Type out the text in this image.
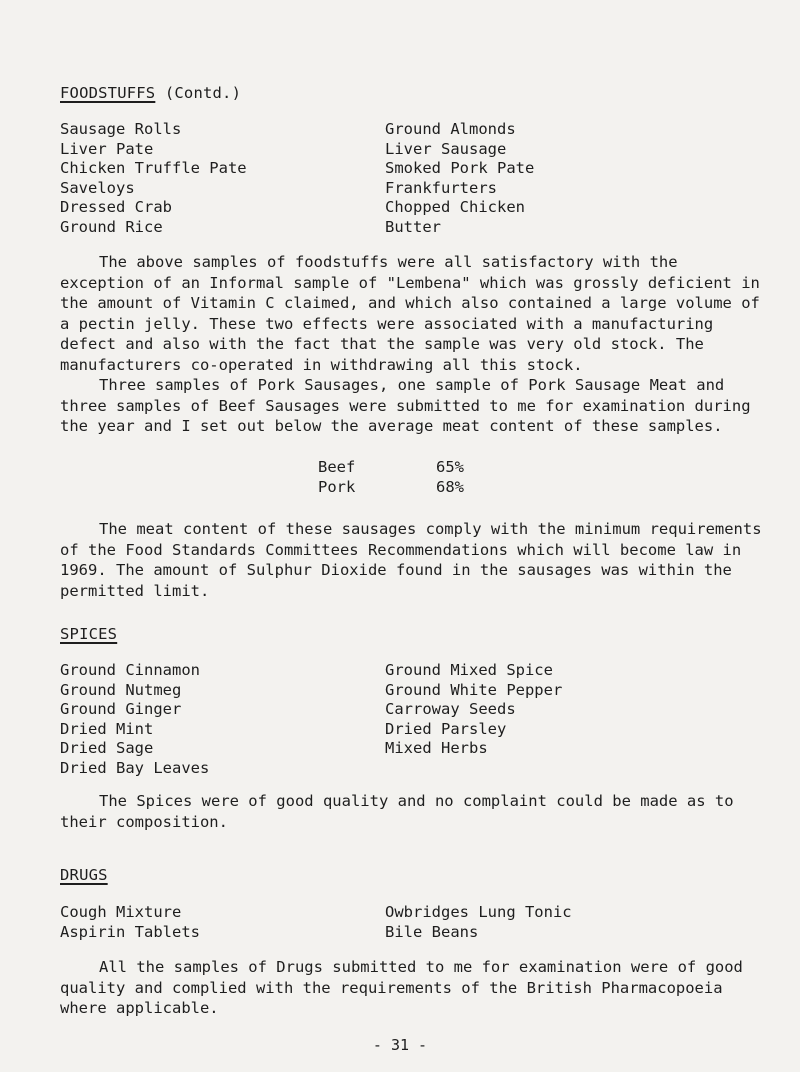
FOODSTUFFS (Contd.)
Sausage Rolls
Liver Pate
Chicken Truffle Pate
Saveloys
Dressed Crab
Ground Rice
Ground Almonds
Liver Sausage
Smoked Pork Pate
Frankfurters
Chopped Chicken
Butter

The above samples of foodstuffs were all satisfactory with the
exception of an Informal sample of "Lembena" which was grossly deficient in
the amount of Vitamin C claimed, and which also contained a large volume of
a pectin jelly. These two effects were associated with a manufacturing
defect and also with the fact that the sample was very old stock. The
manufacturers co-operated in withdrawing all this stock.

Three samples of Pork Sausages, one sample of Pork Sausage Meat and
three samples of Beef Sausages were submitted to me for examination during
the year and I set out below the average meat content of these samples.

Beef	65%
Pork	68%

The meat content of these sausages comply with the minimum requirements
of the Food Standards Committees Recommendations which will become law in
1969. The amount of Sulphur Dioxide found in the sausages was within the
permitted limit.

SPICES
Ground Cinnamon
Ground Nutmeg
Ground Ginger
Dried Mint
Dried Sage
Dried Bay Leaves
Ground Mixed Spice
Ground White Pepper
Carroway Seeds
Dried Parsley
Mixed Herbs

The Spices were of good quality and no complaint could be made as to
their composition.

DRUGS
Cough Mixture
Aspirin Tablets
Owbridges Lung Tonic
Bile Beans

All the samples of Drugs submitted to me for examination were of good
quality and complied with the requirements of the British Pharmacopoeia
where applicable.

- 31 -
